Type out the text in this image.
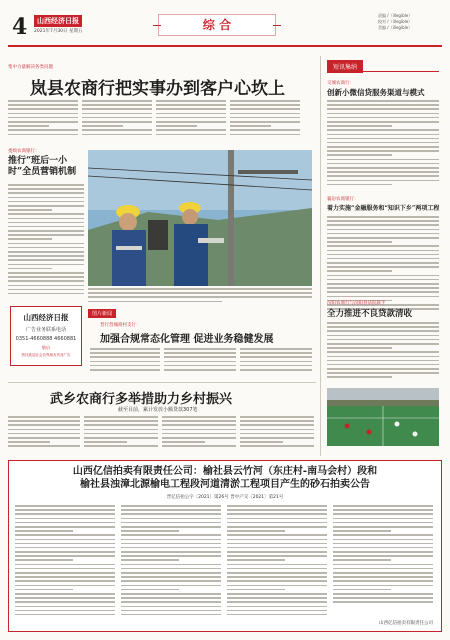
4	山西经济日报
2021年7月30日 星期五	综 合
责编 /（illegible）
校对 /（illegible）
美编 /（illegible）
集中力量解决各类问题
岚县农商行把实事办到客户心坎上
娄烦农商银行：
推行“班后一小时”全员营销机制
山西经济日报
广告业务联系电话
0351-4660888 4660881
敬启
热忱欢迎社会各界朋友刊登广告
图片新闻
晋行营城商村支行：
加强合规常态化管理 促进业务稳健发展
武乡农商行多举措助力乡村振兴
截至目前，累计发放小额贷款307笔
短讯集纳
交城农商行：
创新小微信贷服务渠道与模式
襄汾农商银行：
着力实施“金融服务和“知识下乡”两项工程
汾阳农商行与汾阳县法院联手
全力推进不良贷款清收
山西亿信拍卖有限责任公司：榆社县云竹河（东庄村-南马会村）段和
榆社县浊漳北源榆电工程段河道清淤工程项目产生的砂石拍卖公告
晋亿信拍公字〔2021〕第26号 晋中产交〔2021〕第21号
山西亿信拍卖有限责任公司
